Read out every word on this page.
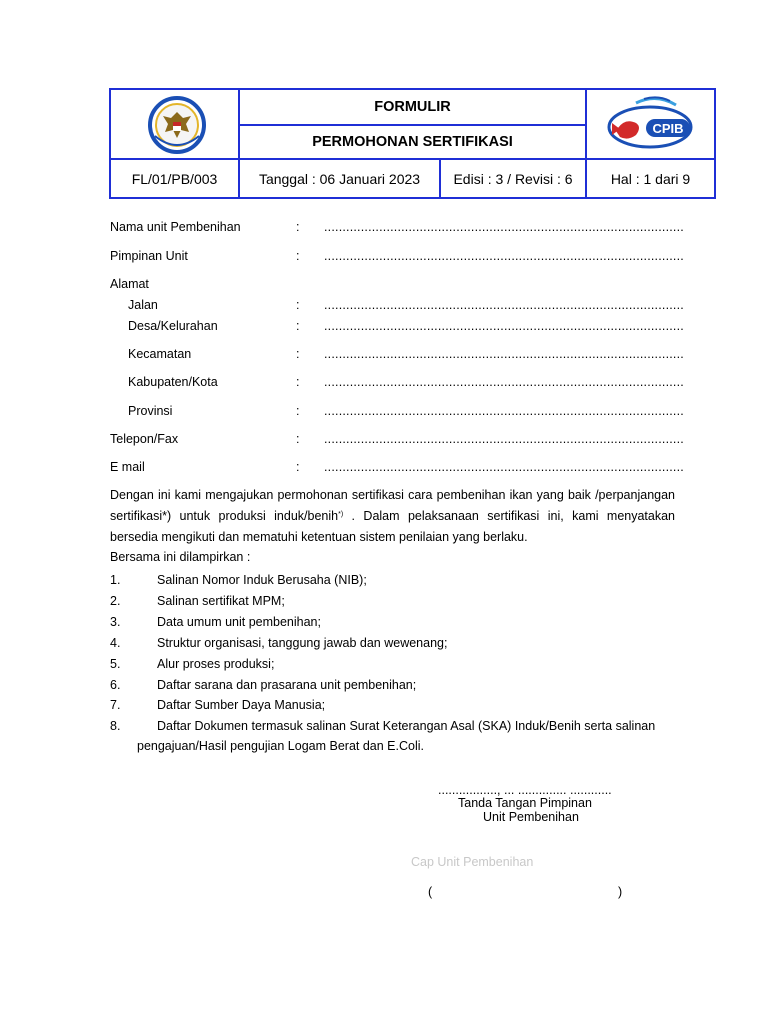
FORMULIR
PERMOHONAN SERTIFIKASI
CPIB
FL/01/PB/003	Tanggal : 06 Januari 2023	Edisi : 3 / Revisi : 6	Hal : 1 dari 9
Nama unit Pembenihan	: ..................................................................................................
Pimpinan Unit	: ..................................................................................................
Alamat
Jalan	: ..................................................................................................
Desa/Kelurahan	: ..................................................................................................
Kecamatan	: ..................................................................................................
Kabupaten/Kota	: ..................................................................................................
Provinsi	: ..................................................................................................
Telepon/Fax	: ..................................................................................................
E mail	: ..................................................................................................
Dengan ini kami mengajukan permohonan sertifikasi cara pembenihan ikan yang baik /perpanjangan sertifikasi*) untuk produksi induk/benih*) . Dalam pelaksanaan sertifikasi ini, kami menyatakan bersedia mengikuti dan mematuhi ketentuan sistem penilaian yang berlaku.
Bersama ini dilampirkan :
1.	Salinan Nomor Induk Berusaha (NIB);
2.	Salinan sertifikat MPM;
3.	Data umum unit pembenihan;
4.	Struktur organisasi, tanggung jawab dan wewenang;
5.	Alur proses produksi;
6.	Daftar sarana dan prasarana unit pembenihan;
7.	Daftar Sumber Daya Manusia;
8.	Daftar Dokumen termasuk salinan Surat Keterangan Asal (SKA) Induk/Benih serta salinan
pengajuan/Hasil pengujian Logam Berat dan E.Coli.
................., ... .............. ............
Tanda Tangan Pimpinan
Unit Pembenihan
Cap Unit Pembenihan
(	)
